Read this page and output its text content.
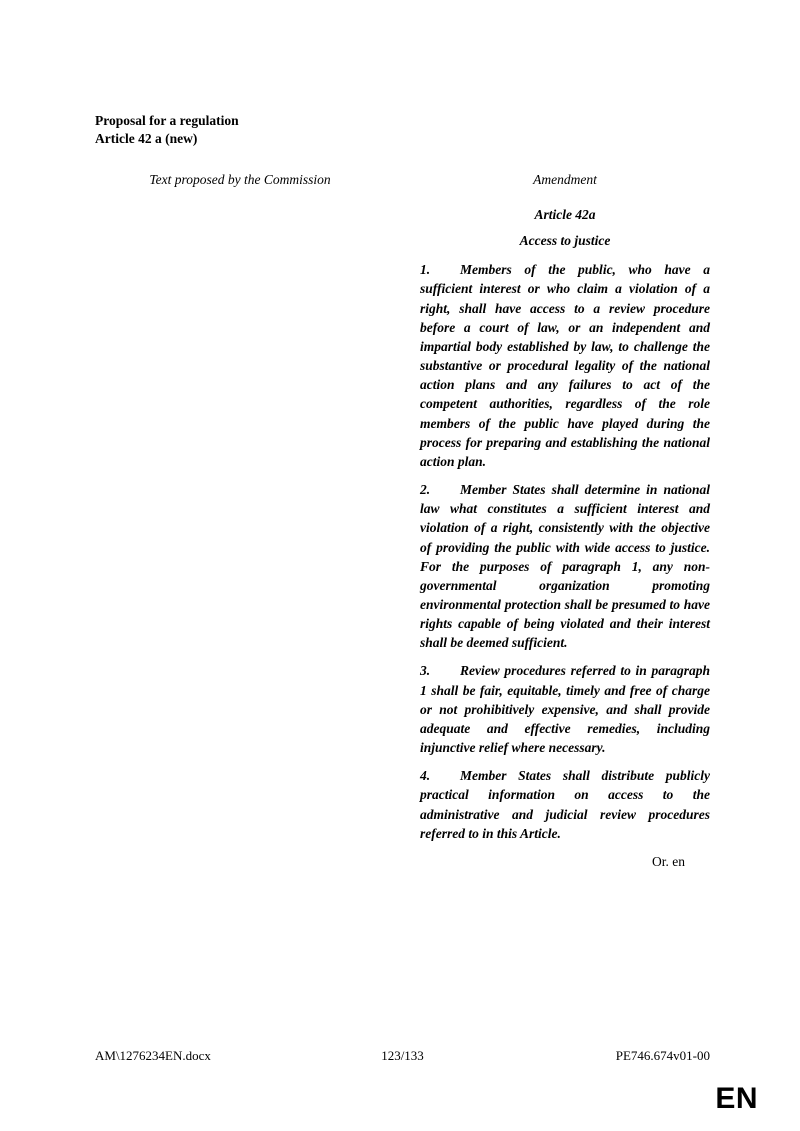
Proposal for a regulation
Article 42 a (new)
Text proposed by the Commission	Amendment
Article 42a
Access to justice
1. Members of the public, who have a sufficient interest or who claim a violation of a right, shall have access to a review procedure before a court of law, or an independent and impartial body established by law, to challenge the substantive or procedural legality of the national action plans and any failures to act of the competent authorities, regardless of the role members of the public have played during the process for preparing and establishing the national action plan.
2. Member States shall determine in national law what constitutes a sufficient interest and violation of a right, consistently with the objective of providing the public with wide access to justice. For the purposes of paragraph 1, any non-governmental organization promoting environmental protection shall be presumed to have rights capable of being violated and their interest shall be deemed sufficient.
3. Review procedures referred to in paragraph 1 shall be fair, equitable, timely and free of charge or not prohibitively expensive, and shall provide adequate and effective remedies, including injunctive relief where necessary.
4. Member States shall distribute publicly practical information on access to the administrative and judicial review procedures referred to in this Article.
Or. en
AM\1276234EN.docx	123/133	PE746.674v01-00
EN
